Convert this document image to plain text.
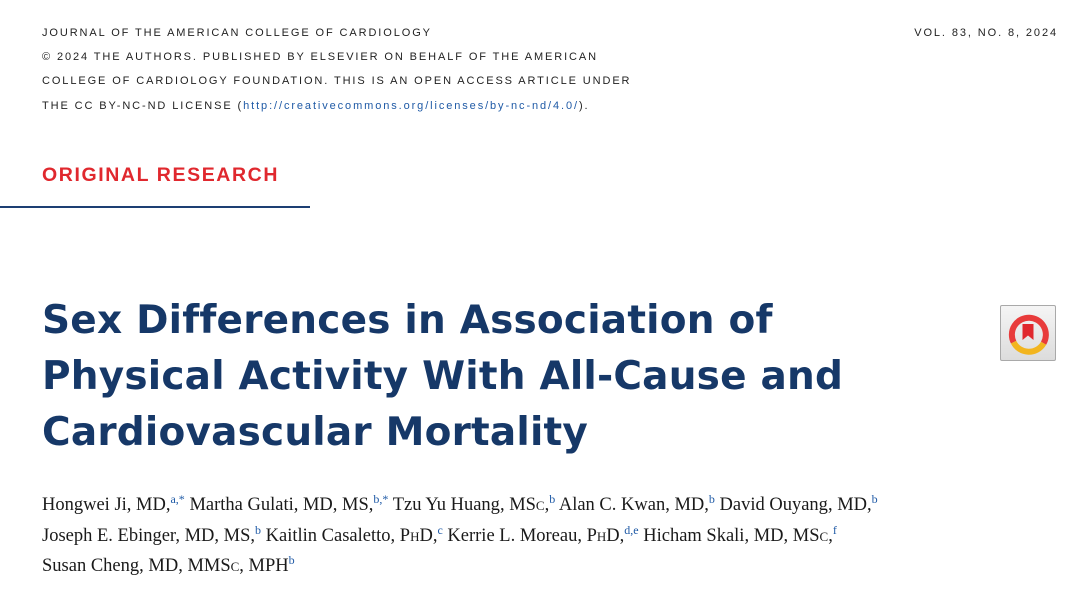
JOURNAL OF THE AMERICAN COLLEGE OF CARDIOLOGY
© 2024 THE AUTHORS. PUBLISHED BY ELSEVIER ON BEHALF OF THE AMERICAN
COLLEGE OF CARDIOLOGY FOUNDATION. THIS IS AN OPEN ACCESS ARTICLE UNDER
THE CC BY-NC-ND LICENSE (http://creativecommons.org/licenses/by-nc-nd/4.0/).
VOL. 83, NO. 8, 2024
ORIGINAL RESEARCH
Sex Differences in Association of
Physical Activity With All-Cause and
Cardiovascular Mortality
Hongwei Ji, MD,$^{a,*}$ Martha Gulati, MD, MS,$^{b,*}$ Tzu Yu Huang, MSc,$^b$ Alan C. Kwan, MD,$^b$ David Ouyang, MD,$^b$
Joseph E. Ebinger, MD, MS,$^b$ Kaitlin Casaletto, PhD,$^c$ Kerrie L. Moreau, PhD,$^{d,e}$ Hicham Skali, MD, MSc,$^f$
Susan Cheng, MD, MMSc, MPH$^b$
